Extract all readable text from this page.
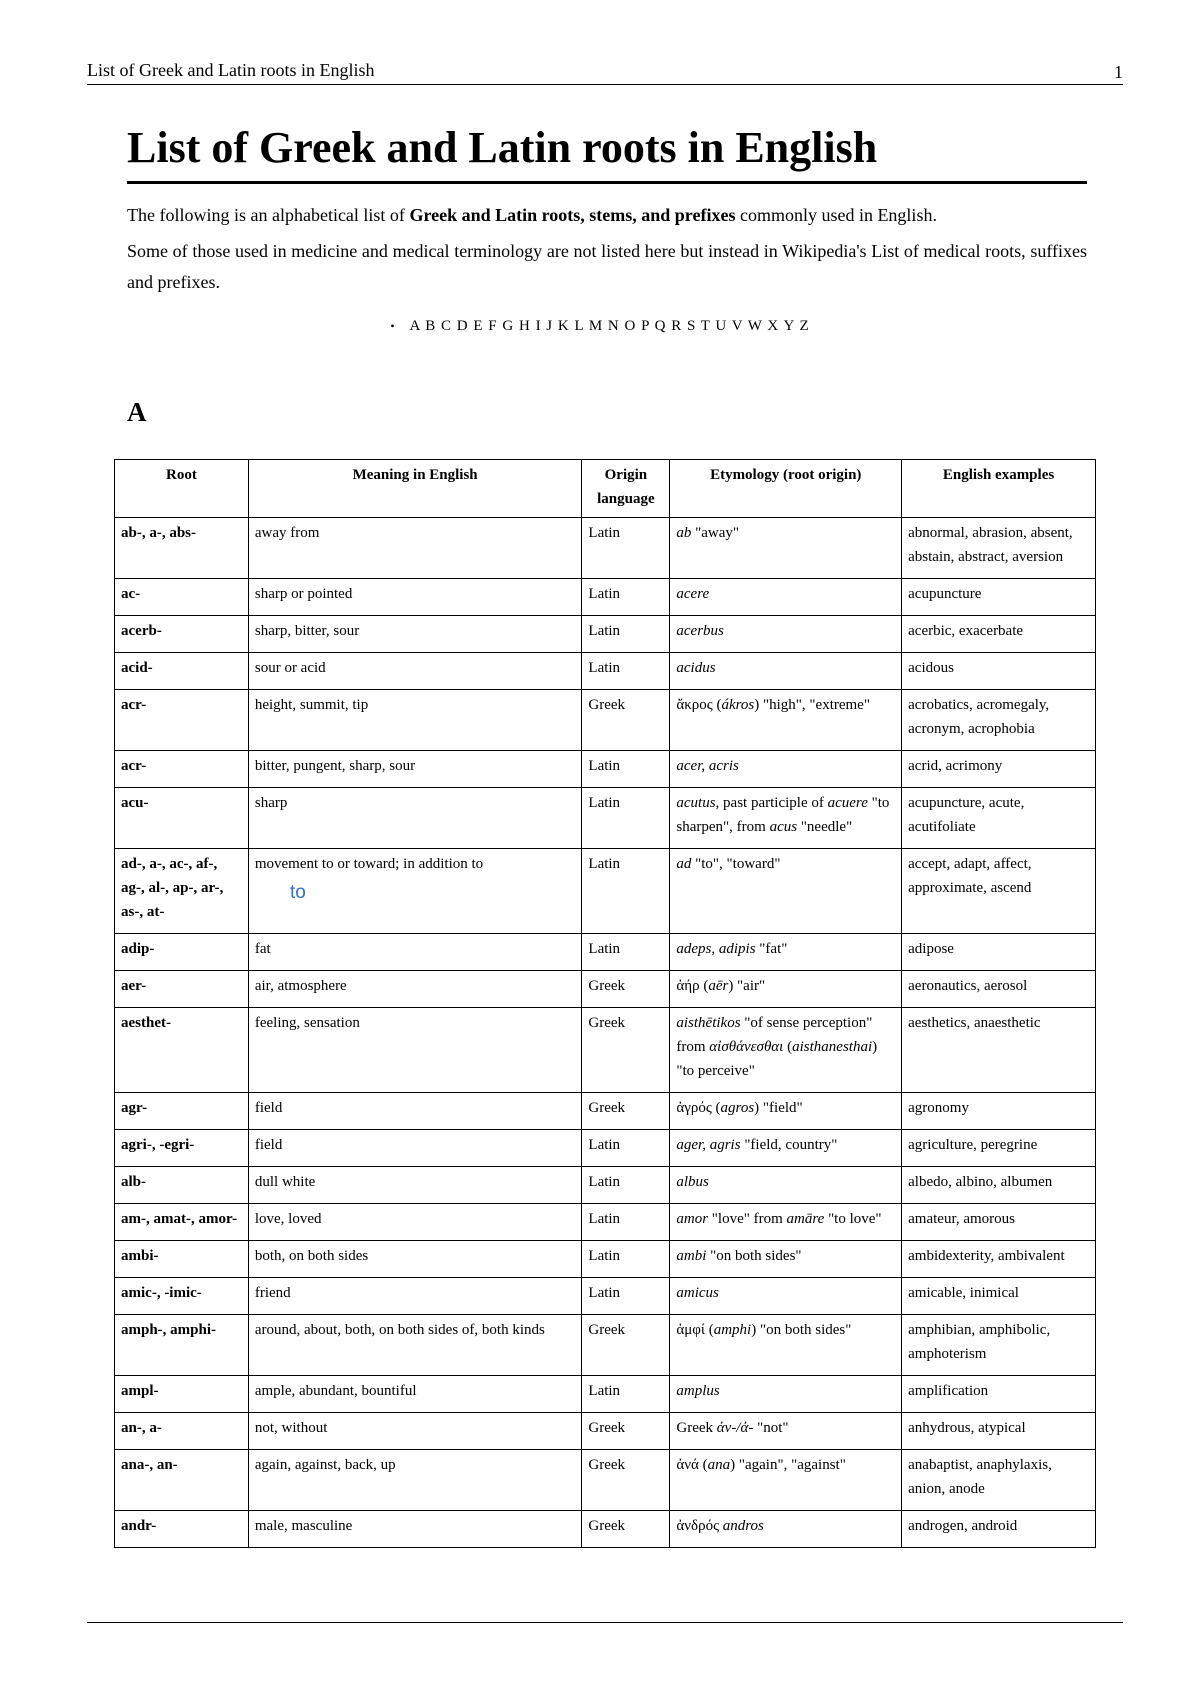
List of Greek and Latin roots in English	1
List of Greek and Latin roots in English

The following is an alphabetical list of Greek and Latin roots, stems, and prefixes commonly used in English.

Some of those used in medicine and medical terminology are not listed here but instead in Wikipedia's List of medical roots, suffixes and prefixes.

• A B C D E F G H I J K L M N O P Q R S T U V W X Y Z
A
Root	Meaning in English	Origin language	Etymology (root origin)	English examples
ab-, a-, abs-	away from	Latin	ab "away"	abnormal, abrasion, absent, abstain, abstract, aversion
ac-	sharp or pointed	Latin	acere	acupuncture
acerb-	sharp, bitter, sour	Latin	acerbus	acerbic, exacerbate
acid-	sour or acid	Latin	acidus	acidous
acr-	height, summit, tip	Greek	ἄκρος (ákros) "high", "extreme"	acrobatics, acromegaly, acronym, acrophobia
acr-	bitter, pungent, sharp, sour	Latin	acer, acris	acrid, acrimony
acu-	sharp	Latin	acutus, past participle of acuere "to sharpen", from acus "needle"	acupuncture, acute, acutifoliate
ad-, a-, ac-, af-, ag-, al-, ap-, ar-, as-, at-	movement to or toward; in addition to	Latin	ad "to", "toward"	accept, adapt, affect, approximate, ascend
adip-	fat	Latin	adeps, adipis "fat"	adipose
aer-	air, atmosphere	Greek	ἀήρ (aēr) "air"	aeronautics, aerosol
aesthet-	feeling, sensation	Greek	aisthētikos "of sense perception" from αἰσθάνεσθαι (aisthanesthai) "to perceive"	aesthetics, anaesthetic
agr-	field	Greek	ἀγρός (agros) "field"	agronomy
agri-, -egri-	field	Latin	ager, agris "field, country"	agriculture, peregrine
alb-	dull white	Latin	albus	albedo, albino, albumen
am-, amat-, amor-	love, loved	Latin	amor "love" from amāre "to love"	amateur, amorous
ambi-	both, on both sides	Latin	ambi "on both sides"	ambidexterity, ambivalent
amic-, -imic-	friend	Latin	amicus	amicable, inimical
amph-, amphi-	around, about, both, on both sides of, both kinds	Greek	ἀμφί (amphi) "on both sides"	amphibian, amphibolic, amphoterism
ampl-	ample, abundant, bountiful	Latin	amplus	amplification
an-, a-	not, without	Greek	Greek ἀν-/ἀ- "not"	anhydrous, atypical
ana-, an-	again, against, back, up	Greek	ἀνά (ana) "again", "against"	anabaptist, anaphylaxis, anion, anode
andr-	male, masculine	Greek	ἀνδρός andros	androgen, android
to
